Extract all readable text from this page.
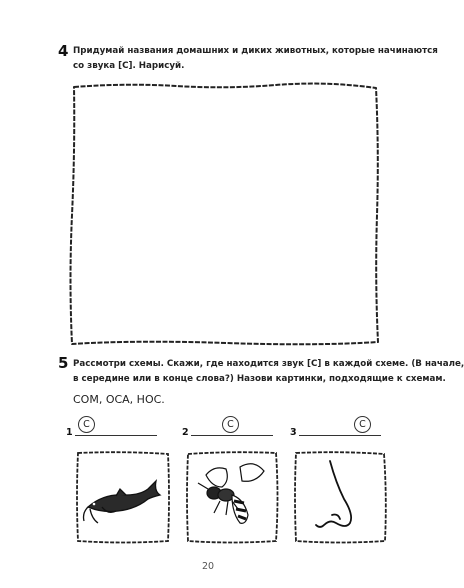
4 Придумай названия домашних и диких животных, которые начинаются
со звука [С]. Нарисуй.
5 Рассмотри схемы. Скажи, где находится звук [С] в каждой схеме. (В начале,
в середине или в конце слова?) Назови картинки, подходящие к схемам.
СОМ, ОСА, НОС.
1
С
2
С
3
С
20
